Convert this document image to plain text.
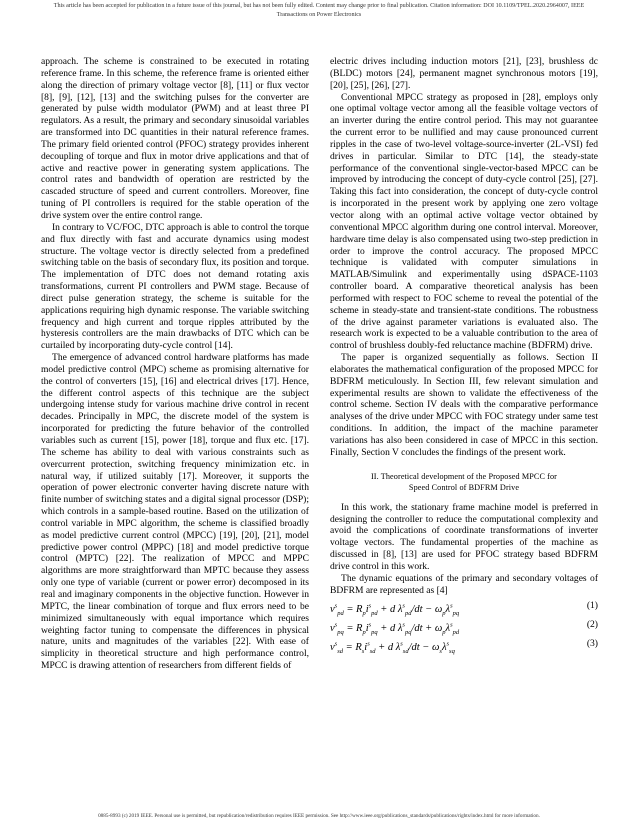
This article has been accepted for publication in a future issue of this journal, but has not been fully edited. Content may change prior to final publication. Citation information: DOI 10.1109/TPEL.2020.2964007, IEEE
Transactions on Power Electronics

approach. The scheme is constrained to be executed in rotating reference frame. In this scheme, the reference frame is oriented either along the direction of primary voltage vector [8], [11] or flux vector [8], [9], [12], [13] and the switching pulses for the converter are generated by pulse width modulator (PWM) and at least three PI regulators. As a result, the primary and secondary sinusoidal variables are transformed into DC quantities in their natural reference frames. The primary field oriented control (PFOC) strategy provides inherent decoupling of torque and flux in motor drive applications and that of active and reactive power in generating system applications. The control rates and bandwidth of operation are restricted by the cascaded structure of speed and current controllers. Moreover, fine tuning of PI controllers is required for the stable operation of the drive system over the entire control range.

In contrary to VC/FOC, DTC approach is able to control the torque and flux directly with fast and accurate dynamics using modest structure. The voltage vector is directly selected from a predefined switching table on the basis of secondary flux, its position and torque. The implementation of DTC does not demand rotating axis transformations, current PI controllers and PWM stage. Because of direct pulse generation strategy, the scheme is suitable for the applications requiring high dynamic response. The variable switching frequency and high current and torque ripples attributed by the hysteresis controllers are the main drawbacks of DTC which can be curtailed by incorporating duty-cycle control [14].

The emergence of advanced control hardware platforms has made model predictive control (MPC) scheme as promising alternative for the control of converters [15], [16] and electrical drives [17]. Hence, the different control aspects of this technique are the subject undergoing intense study for various machine drive control in recent decades. Principally in MPC, the discrete model of the system is incorporated for predicting the future behavior of the controlled variables such as current [15], power [18], torque and flux etc. [17]. The scheme has ability to deal with various constraints such as overcurrent protection, switching frequency minimization etc. in natural way, if utilized suitably [17]. Moreover, it supports the operation of power electronic converter having discrete nature with finite number of switching states and a digital signal processor (DSP); which controls in a sample-based routine. Based on the utilization of control variable in MPC algorithm, the scheme is classified broadly as model predictive current control (MPCC) [19], [20], [21], model predictive power control (MPPC) [18] and model predictive torque control (MPTC) [22]. The realization of MPCC and MPPC algorithms are more straightforward than MPTC because they assess only one type of variable (current or power error) decomposed in its real and imaginary components in the objective function. However in MPTC, the linear combination of torque and flux errors need to be minimized simultaneously with equal importance which requires weighting factor tuning to compensate the differences in physical nature, units and magnitudes of the variables [22]. With ease of simplicity in theoretical structure and high performance control, MPCC is drawing attention of researchers from different fields of

electric drives including induction motors [21], [23], brushless dc (BLDC) motors [24], permanent magnet synchronous motors [19], [20], [25], [26], [27].

Conventional MPCC strategy as proposed in [28], employs only one optimal voltage vector among all the feasible voltage vectors of an inverter during the entire control period. This may not guarantee the current error to be nullified and may cause pronounced current ripples in the case of two-level voltage-source-inverter (2L-VSI) fed drives in particular. Similar to DTC [14], the steady-state performance of the conventional single-vector-based MPCC can be improved by introducing the concept of duty-cycle control [25], [27]. Taking this fact into consideration, the concept of duty-cycle control is incorporated in the present work by applying one zero voltage vector along with an optimal active voltage vector obtained by conventional MPCC algorithm during one control interval. Moreover, hardware time delay is also compensated using two-step prediction in order to improve the control accuracy. The proposed MPCC technique is validated with computer simulations in MATLAB/Simulink and experimentally using dSPACE-1103 controller board. A comparative theoretical analysis has been performed with respect to FOC scheme to reveal the potential of the scheme in steady-state and transient-state conditions. The robustness of the drive against parameter variations is evaluated also. The research work is expected to be a valuable contribution to the area of control of brushless doubly-fed reluctance machine (BDFRM) drive.

The paper is organized sequentially as follows. Section II elaborates the mathematical configuration of the proposed MPCC for BDFRM meticulously. In Section III, few relevant simulation and experimental results are shown to validate the effectiveness of the control scheme. Section IV deals with the comparative performance analyses of the drive under MPCC with FOC strategy under same test conditions. In addition, the impact of the machine parameter variations has also been considered in case of MPCC in this section. Finally, Section V concludes the findings of the present work.

II. Theoretical development of the Proposed MPCC for
Speed Control of BDFRM Drive

In this work, the stationary frame machine model is preferred in designing the controller to reduce the computational complexity and avoid the complications of coordinate transformations of inverter voltage vectors. The fundamental properties of the machine as discussed in [8], [13] are used for PFOC strategy based BDFRM drive control in this work.

The dynamic equations of the primary and secondary voltages of BDFRM are represented as [4]

$v^s_{pd} = R_pi^s_{pd} + d$ $\lambda^s_{pd}/dt - \omega_p\lambda^s_{pq}$
(1)
$v^s_{pq} = R_pi^s_{pq} + d$ $\lambda^s_{pq}/dt + \omega_p\lambda^s_{pd}$
(2)
$v^s_{sd} = R_si^s_{sd} + d$ $\lambda^s_{sd}/dt - \omega_s\lambda^s_{sq}$
(3)
0885-8993 (c) 2019 IEEE. Personal use is permitted, but republication/redistribution requires IEEE permission. See http://www.ieee.org/publications_standards/publications/rights/index.html for more information.
